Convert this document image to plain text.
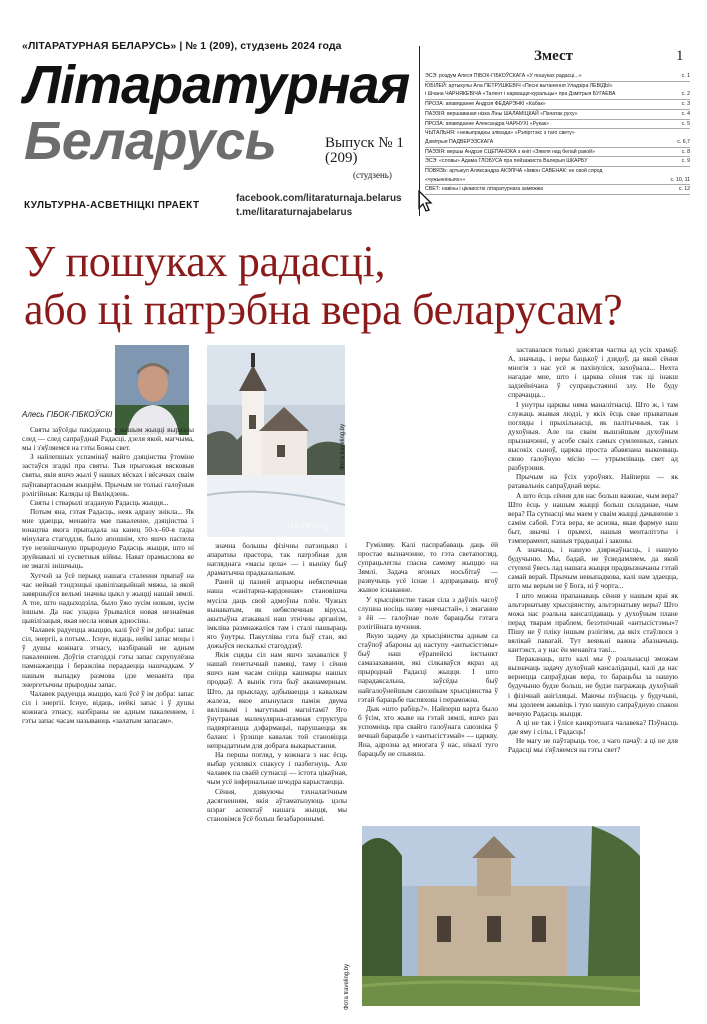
«ЛІТАРАТУРНАЯ БЕЛАРУСЬ» | № 1 (209), студзень 2024 года
Літаратурная
Беларусь	Выпуск № 1
(209)
(студзень)
КУЛЬТУРНА-АСВЕТНІЦКІ ПРАЕКТ
facebook.com/litaraturnaja.belarus
t.me/litaraturnajabelarus
Змест	1
ЭСЭ: роздум Алеся ПІБОК-ГІБКОЎСКАГА «У пошуках радасці...»	c. 1
ЮБІЛЕЙ: артыкулы Ала ПЕТРУШКЕВІЧ «Песні вытанення Уладзіра ЛЕВІДЫ»
і Шчана ЧАРНЯКЕВІЧА «Талент і нарвацця-куральцы» пра Дзмітрыя БУГАЕВА	c. 2
ПРОЗА: апавяданне Андрэя ФЕДАРЭНКІ «Кабак»	c. 3
ПАЭЗІЯ: вершаваная нізка Ліны ШАЛАМІЦКАЙ «Пачатак руху»	c. 4
ПРОЗА: апавяданне Александра ЧАРНУХІ «Рукак»	c. 5
ЧЫТАЛЬНЯ: «невыпрадны элімэда» «Рэліргтэкс з таго свету»
Дзмітрыя ПАДВЕРЭЗСКАГА	c. 6,7
ПАЭЗІЯ: вершы Андрэя СЦЕПАНОКА з кнігі «Зямля над белай ракой»	c. 8
ЭСЭ: «словы» Адама ГЛОБУСА пра пейзажиста Валерыя ШКАРБУ	c. 9
ПОВЯЗЬ: артыкул Аляксандра АКЭЛІЧА «Імвон САВЕНАК: не свой сярод
«чужынніныях»»	c. 10, 11
СВЕТ: навіны і цікавосткі літаратурнага замежжа	c. 12
У пошуках радасці,
або ці патрэбна вера беларусам?
Алесь ГІБОК-ГІБКОЎСКІ
traveling
Фота traveling.by
Фота traveling.by

Святы заўсёды пакідаюць у нашым жыцці вырaзны след — след сапраўднай Радасці, дзеля якой, магчыма, мы і з'яўляемся на гэты Божы свет.

З найлепшых успамінаў майго дзяцінства ўтоміне застаўся згадкі пра святы. Тыя прыгожыя вясковыя святы, якія яшчэ жылі ў нашых вёсках і вёсачках сваім паўнавартасным жыццём. Прычым не толькі галоўныя рэлігійныя: Каляды ці Вялікдзень.

Святы і стварылі згаданую Радасць жыцця...

Потым яна, гэтая Радасць, неяк адразу знікла... Як мне здаецца, менавіта мае пакаленне, дзяцінства і юнацтва якога прыпадала на канец 50-х–60-я гады мінулага стагоддзя, было апошнім, хто яшчэ паспела туе незнішчаную прыродную Радасць жыцця, што ні зруйнавалі ні сусветныя війны. Нават прамыслова яе не змаглі знішчыць.

Хутчэй за ўсё перыяд нашага сталення прыпаў на час нейкай тэндэнцыі цывілізацыйнай мяжы, за якой завяршыўся вельмі значны цыкл у жыцці нашай зямлі. А тое, што надыходзіла, было ўжо зусім новым, зусім іншым. Да нас уладна ўрываліся новая незнаёмая цывілізацыя, якая неслa новыя адносіны.

Чалавек радуецца жыццю, калі ўсё ў ім добра: запас сіл, энергіі, а потым... Існуе, відаць, нейкі запас моцы і ў душы кожнага этнасу, назбіранай не адным пакаленнем. Доўгія стагоддзі гэты запас скрупулёзна памнажаецца і беражліва перадаецца нашчадкам. У нашым выпадку размова ідзе менавіта пра энергетычны прыродны запас.

Чалавек радуецца жыццю, калі ўсё ў ім добра: запас сіл і энергіі. Існуе, відаць, нейкі запас і ў душы кожнага этнасу, назбіраны не адным пакаленнем, і гэты запас часам называюць «залатым запасам».

значна большы фізічны патэнцыял і апаратны прастора, так патрэбная для нагляднага «масы цела» — і выніку быў драматычна прадказальным.

Раней ці пазней апрыоры небяспечная наша «санітарна-кардонная» становішча мусіла даць свой адмоўны плён. Чужых вынаватым, як небяспечныя вірусы, акытыўна атакавалі наш этнічны арганізм, імклівa размнажаліся там і сталі пашыраць яго ўнутры. Пакутлівы гэта быў стан, які дожыўся нескалькі стагоддзяў.

Якія сцяды сіл нам яшчэ захаваліся ў нашай генетычнай памяці, таму і сёння яшчэ нам часам сніцца кашмары нашых продкаў. А вынік гэта быў аканамерным. Што, да прыкладу, адбываецца з кавалкам жалеза, якое апынулася паміж двума вялізнымі і магутнымі магнітамі? Яго ўнутраная малекулярна-атамная структура падвяргаецца дэфармацыі, парушаецца як баланс і ўрэшце кавалак той становіцца непрыдатным для добрага выкарыстання.

На першы погляд, у кожнага з нас ёсць выбар усялякіх спакусу і пазбегнуць. Але чалавек па сваёй сутнасці — істота цікаўная, чым усё інфернальнае шчодра карыстаецца.

Сёння, дзякуючы тэхналагічным дасягненням, якія аўтаматызуюць цэлы шэраг аспектаў нашага жыцця, мы становімся ўсё больш безабароннымі.

Гуміляву. Калі паспрабаваць даць ёй простае вызначэнне, то гэта светапогляд, супрацьлеглы гласна самому жыццю на Зямлі. Задача ягоных носьбітаў — развучыць усё існае і адпрацаваць ягоў жывое існаванне.

У хрысціянстве такая сіла з даўніх часоў слушна носіць назву «нячыстай», і змаганне з ёй — галоўнае поле барацьбы гэтага рэлігійнага вучэння.

Якую задачу да хрысціянства адным са стаўпоў абароны ад наступу «антысістэмы» быў наш еўрапейскі інстынкт самазахавання, які сілкаваўся якраз ад прыроднай Радасці жыцця. І што парадаксальна, заўсёды быў найгалоўнейшым саюзнікам хрысціянства ў гэтай барацьбе паспяхова і пераможна.

Дык «што рабіць?». Найперш варта было б ўсім, хто жыве на гэтай зямлі, яшчэ раз успомніць пра свайго галоўнага саюзніка ў вечнай барацьбе з «антысістэмай» — царкву. Яна, адрозна ад многага ў нас, нікалі туго барацьбу не спыняла.

заставалася толькі дзясятая частка ад усіх храмаў. А, значыць, і веры бацькоў і дзядоў, да якой сёння многія з нас усё ж пахінуліся, захоўвала... Нехта нагадае мне, што і царква сёння так ці інакш задзейнічана ў супрацьстаянні злу. Не буду спрачацца...

І унутры царквы няма маналітнасці. Што ж, і там служаць жывыя людзі, у якіх ёсць свае прыватныя погляды і прыхільнасці, як палітычныя, так і духоўныя. Але па сваім вышэйшым духоўным прызначэнні, у асобе сваіх самых сумленных, самых высокіх сыноў, царква проста абавязана выконваць свою галоўную місію — утрымліваць свет ад разбурэння.

Прычым на ўсіх узроўнях. Найперш — як ратавальнік сапраўднай веры.

А што ёсць сёння для нас больш важнае, чым вера? Што ёсць у нашым жыцці больш складанае, чым вера? Па сутнасці мы маем у сваім жыцці дачыненне з самім сабой. Гэта вера, яе аснова, якая фармуе наш быт, звычкі і прымхі, нашыя менталітэты і тэмперамент, нашыя традыцыі і законы.

А значыць, і нашую дзяржаўнасць, і нашую будучыню. Мы, бадай, не ўсведамляем, да якой ступені ўвесь лад нашага жыцця прадвызначаны гэтай самай верай. Прычым невыпадкова, калі нам здаецца, што мы верым не ў Бога, ні ў чорта...

І што можна прапанаваць сёння у нашым краі як альтэрнатыву хрысціянству, альтэрнатыву веры? Што можа нас рэальна кансалідаваць у духоўным плане перад тварам праблем, безэтнічнай «антысістэмы»? Пішу не ў пліку іншым рэлігіям, да якіх стаўлюся з вялікай павагай. Тут веяньні важна абазначыць кантэкст, а у нас ён менавіта такі...

Пераканаць, што калі мы ў рэальнасці зможам вызначаць задачу духоўнай кансалідацыі, калі да нас вернецца сапраўдная вера, то барацьбы за нашую будучыню будзе больш, не будзе пагражаць духоўнай і фізічнай анігіляцыі. Маючы пэўнасць у будучыні, мы здолеем ажывіць і тую нашую сапраўдную спакон вечную Радасць жыцця.

А ці не так і ўлісе канкрэтнага чалавека? Пэўнасць дае яму і сілы, і Радасць!

Не магу не паўтарыць тое, з чаго пачаў: а ці не для Радасці мы з'яўляемся на гэты свет?
